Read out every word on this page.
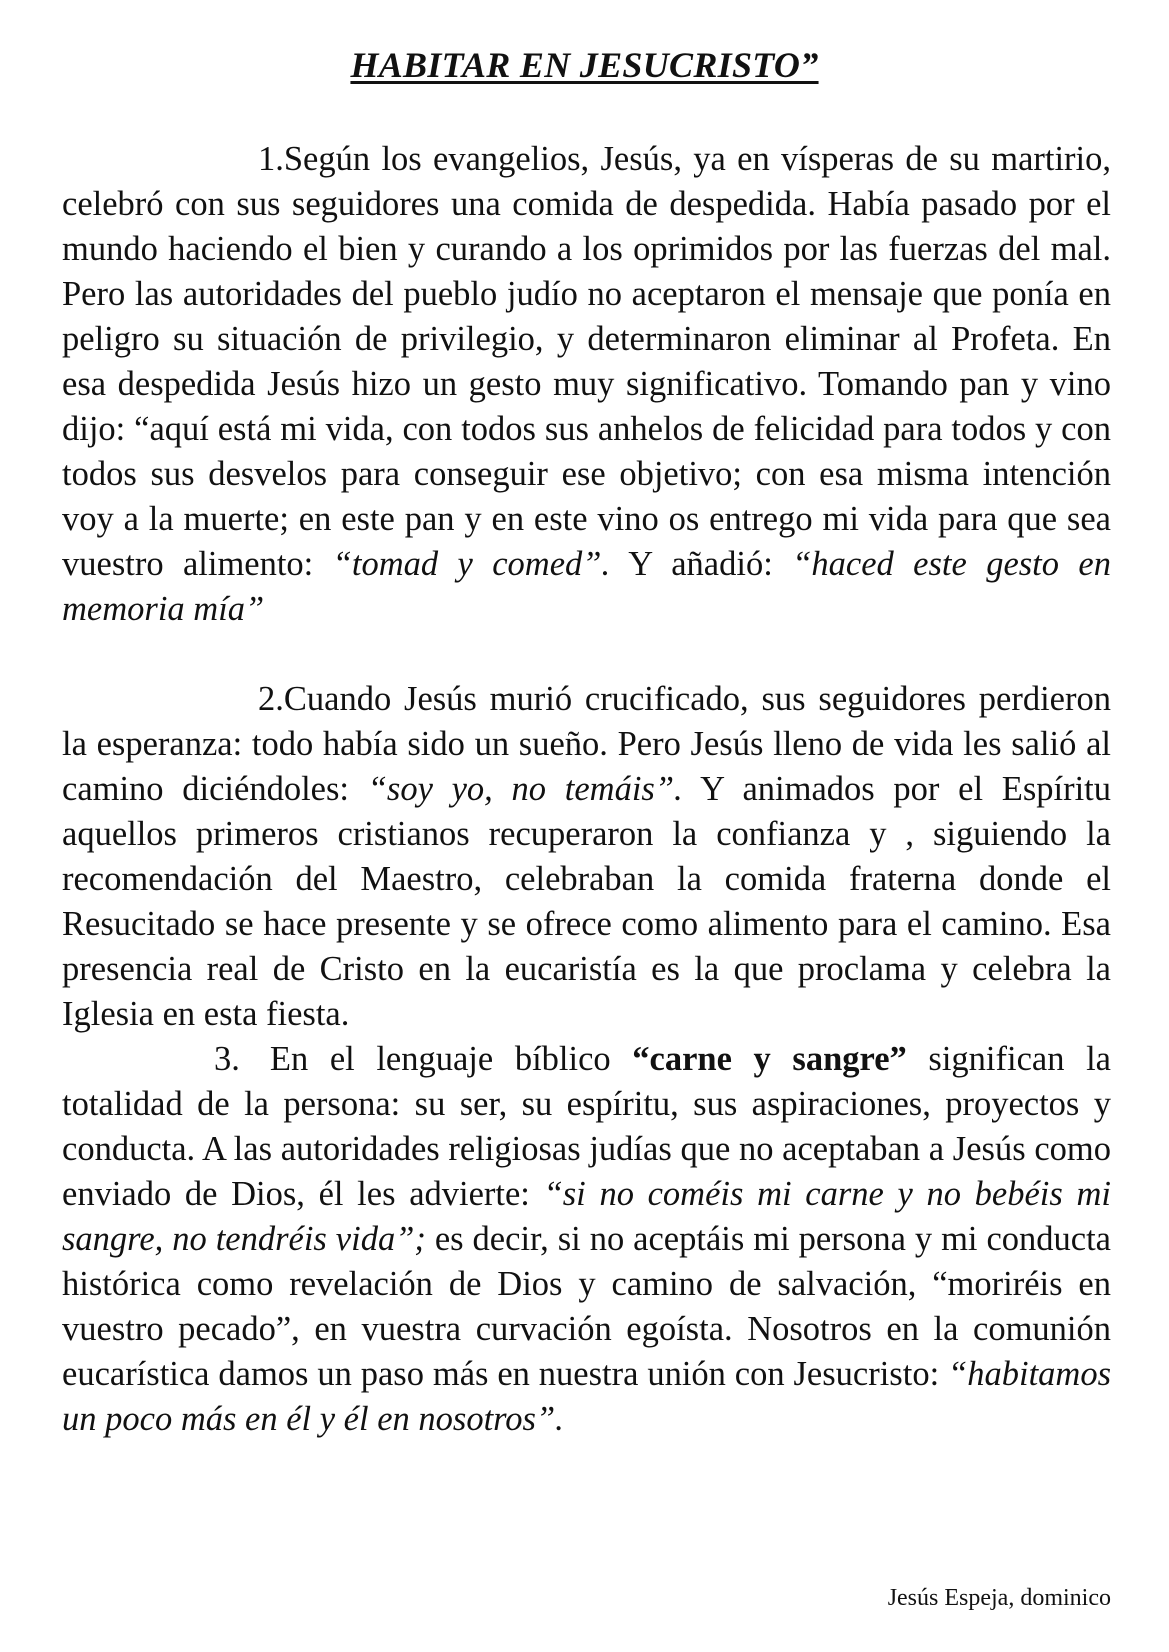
HABITAR EN JESUCRISTO”

1.Según los evangelios, Jesús, ya en vísperas de su martirio, celebró con sus seguidores una comida de despedida. Había pasado por el mundo haciendo el bien y curando a los oprimidos por las fuerzas del mal. Pero las autoridades del pueblo judío no aceptaron el mensaje que ponía en peligro su situación de privilegio, y determinaron eliminar al Profeta. En esa despedida Jesús hizo un gesto muy significativo. Tomando pan y vino dijo: “aquí está mi vida, con todos sus anhelos de felicidad para todos y con todos sus desvelos para conseguir ese objetivo; con esa misma intención voy a la muerte; en este pan y en este vino os entrego mi vida para que sea vuestro alimento: “tomad y comed”. Y añadió: “haced este gesto en memoria mía”

2.Cuando Jesús murió crucificado, sus seguidores perdieron la esperanza: todo había sido un sueño. Pero Jesús lleno de vida les salió al camino diciéndoles: “soy yo, no temáis”. Y animados por el Espíritu aquellos primeros cristianos recuperaron la confianza y , siguiendo la recomendación del Maestro, celebraban la comida fraterna donde el Resucitado se hace presente y se ofrece como alimento para el camino. Esa presencia real de Cristo en la eucaristía es la que proclama y celebra la Iglesia en esta fiesta.

3. En el lenguaje bíblico “carne y sangre” significan la totalidad de la persona: su ser, su espíritu, sus aspiraciones, proyectos y conducta. A las autoridades religiosas judías que no aceptaban a Jesús como enviado de Dios, él les advierte: “si no coméis mi carne y no bebéis mi sangre, no tendréis vida”; es decir, si no aceptáis mi persona y mi conducta histórica como revelación de Dios y camino de salvación, “moriréis en vuestro pecado”, en vuestra curvación egoísta. Nosotros en la comunión eucarística damos un paso más en nuestra unión con Jesucristo: “habitamos un poco más en él y él en nosotros”.

Jesús Espeja, dominico
